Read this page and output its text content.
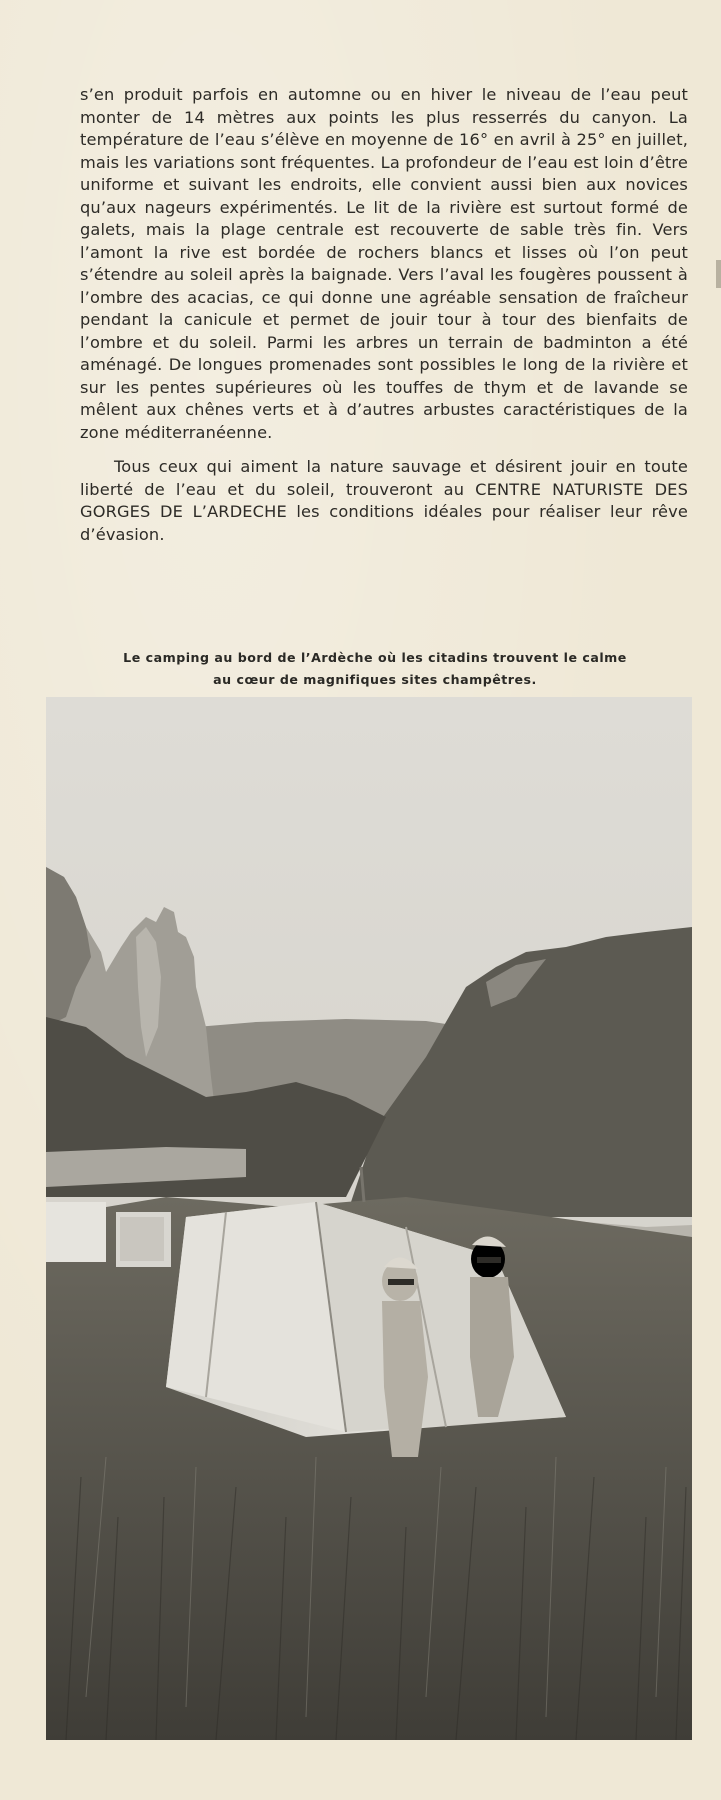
s’en produit parfois en automne ou en hiver le niveau de l’eau peut monter de 14 mètres aux points les plus resserrés du canyon. La température de l’eau s’élève en moyenne de 16° en avril à 25° en juillet, mais les variations sont fréquentes. La profondeur de l’eau est loin d’être uniforme et suivant les endroits, elle convient aussi bien aux novices qu’aux nageurs expérimentés. Le lit de la rivière est surtout formé de galets, mais la plage centrale est recouverte de sable très fin. Vers l’amont la rive est bordée de rochers blancs et lisses où l’on peut s’étendre au soleil après la baignade. Vers l’aval les fougères poussent à l’ombre des acacias, ce qui donne une agréable sensation de fraîcheur pendant la canicule et permet de jouir tour à tour des bienfaits de l’ombre et du soleil. Parmi les arbres un terrain de badminton a été aménagé. De longues promenades sont possibles le long de la rivière et sur les pentes supérieures où les touffes de thym et de lavande se mêlent aux chênes verts et à d’autres arbustes caractéristiques de la zone méditerranéenne.

Tous ceux qui aiment la nature sauvage et désirent jouir en toute liberté de l’eau et du soleil, trouveront au CENTRE NATURISTE DES GORGES DE L’ARDECHE les conditions idéales pour réaliser leur rêve d’évasion.

Le camping au bord de l’Ardèche où les citadins trouvent le calme
au cœur de magnifiques sites champêtres.
